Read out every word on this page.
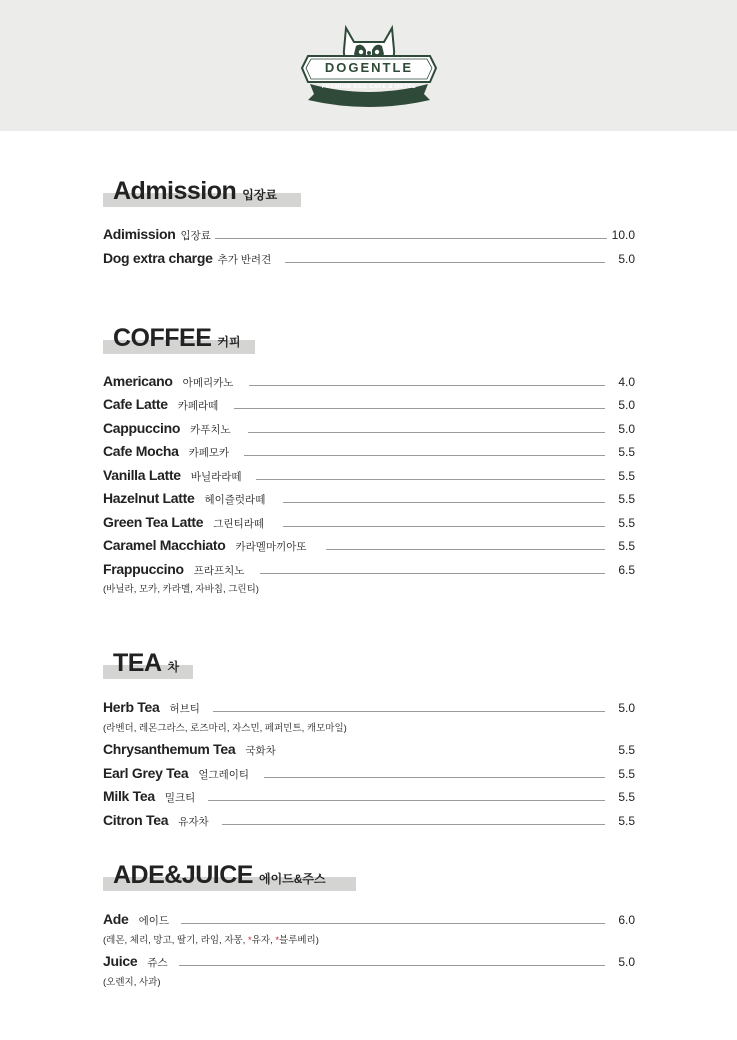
DOGENTLE
PREMIUM DOG CAFE & HOTEL
Admission 입장료
Adimission 입장료	10.0
Dog extra charge 추가 반려견	5.0
COFFEE 커피
Americano 아메리카노	4.0
Cafe Latte 카페라떼	5.0
Cappuccino 카푸치노	5.0
Cafe Mocha 카페모카	5.5
Vanilla Latte 바닐라라떼	5.5
Hazelnut Latte 헤이즐럿라떼	5.5
Green Tea Latte 그린티라떼	5.5
Caramel Macchiato 카라멜마끼아또	5.5
Frappuccino 프라프치노	6.5
(바닐라, 모카, 카라멜, 자바칩, 그린티)
TEA 차
Herb Tea 허브티	5.0
(라벤더, 레몬그라스, 로즈마리, 자스민, 페퍼민트, 캐모마일)
Chrysanthemum Tea 국화차	5.5
Earl Grey Tea 얼그레이티	5.5
Milk Tea 밀크티	5.5
Citron Tea 유자차	5.5
ADE&JUICE 에이드&주스
Ade 에이드	6.0
(레몬, 체리, 망고, 딸기, 라임, 자몽, *유자, *블루베리)
Juice 쥬스	5.0
(오렌지, 사과)
